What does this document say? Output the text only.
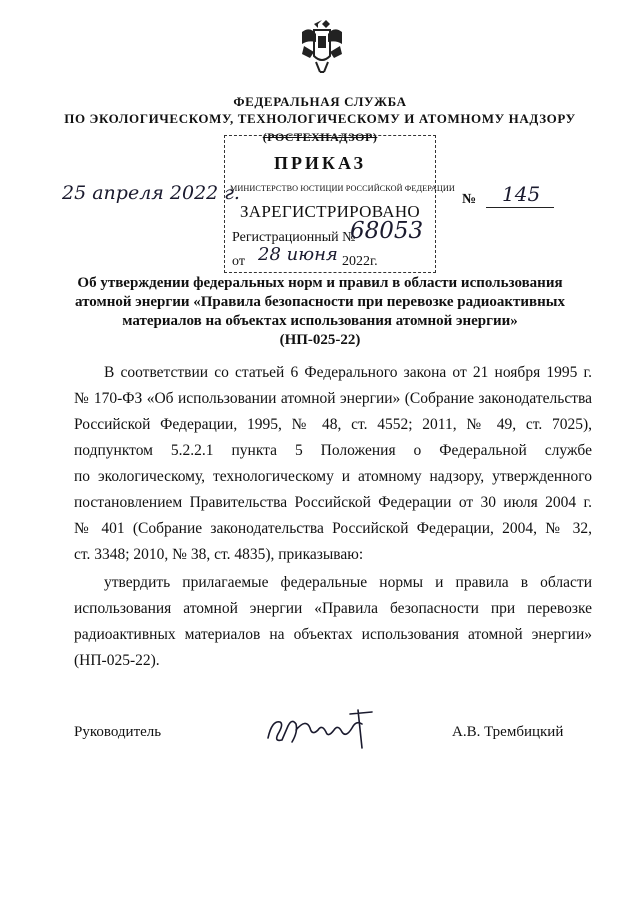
ФЕДЕРАЛЬНАЯ СЛУЖБА
ПО ЭКОЛОГИЧЕСКОМУ, ТЕХНОЛОГИЧЕСКОМУ И АТОМНОМУ НАДЗОРУ
(РОСТЕХНАДЗОР)
ПРИКАЗ
МИНИСТЕРСТВО ЮСТИЦИИ РОССИЙСКОЙ ФЕДЕРАЦИИ
ЗАРЕГИСТРИРОВАНО
Регистрационный №
68053
от 28 июня 2022г.
25 апреля 2022 г.	№ 145
Об утверждении федеральных норм и правил в области использования
атомной энергии «Правила безопасности при перевозке радиоактивных
материалов на объектах использования атомной энергии»
(НП-025-22)
В соответствии со статьей 6 Федерального закона от 21 ноября 1995 г.
№ 170-ФЗ «Об использовании атомной энергии» (Собрание законодательства
Российской Федерации, 1995, № 48, ст. 4552; 2011, № 49, ст. 7025),
подпунктом 5.2.2.1 пункта 5 Положения о Федеральной службе
по экологическому, технологическому и атомному надзору, утвержденного
постановлением Правительства Российской Федерации от 30 июля 2004 г.
№ 401 (Собрание законодательства Российской Федерации, 2004, № 32,
ст. 3348; 2010, № 38, ст. 4835), приказываю:
утвердить прилагаемые федеральные нормы и правила в области
использования атомной энергии «Правила безопасности при перевозке
радиоактивных материалов на объектах использования атомной энергии»
(НП-025-22).
Руководитель	А.В. Трембицкий
